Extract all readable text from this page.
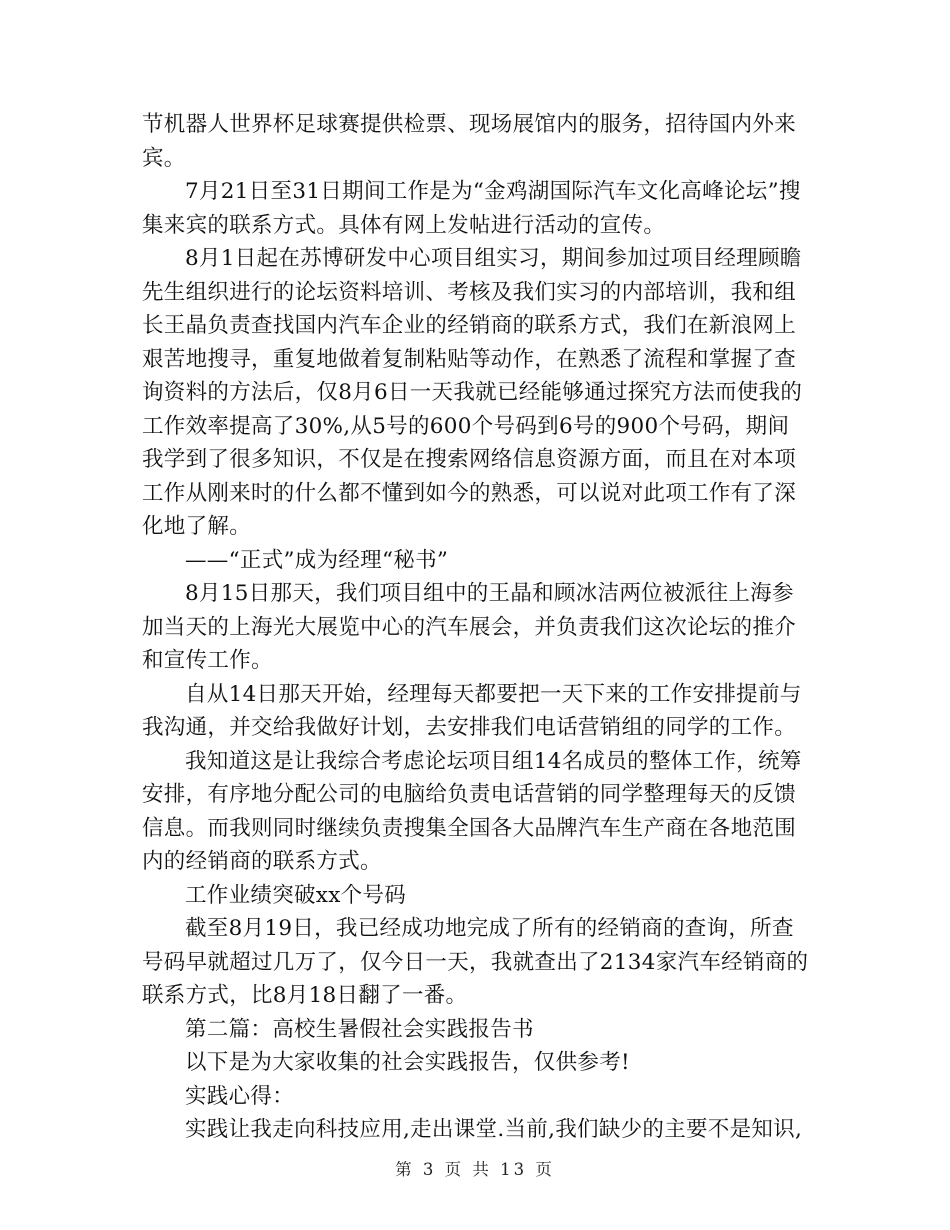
节机器人世界杯足球赛提供检票、现场展馆内的服务，招待国内外来宾。

7月21日至31日期间工作是为“金鸡湖国际汽车文化高峰论坛”搜集来宾的联系方式。具体有网上发帖进行活动的宣传。

8月1日起在苏博研发中心项目组实习，期间参加过项目经理顾瞻先生组织进行的论坛资料培训、考核及我们实习的内部培训，我和组长王晶负责查找国内汽车企业的经销商的联系方式，我们在新浪网上艰苦地搜寻，重复地做着复制粘贴等动作，在熟悉了流程和掌握了查询资料的方法后，仅8月6日一天我就已经能够通过探究方法而使我的工作效率提高了30%,从5号的600个号码到6号的900个号码，期间我学到了很多知识，不仅是在搜索网络信息资源方面，而且在对本项工作从刚来时的什么都不懂到如今的熟悉，可以说对此项工作有了深化地了解。

——“正式”成为经理“秘书”

8月15日那天，我们项目组中的王晶和顾冰洁两位被派往上海参加当天的上海光大展览中心的汽车展会，并负责我们这次论坛的推介和宣传工作。

自从14日那天开始，经理每天都要把一天下来的工作安排提前与我沟通，并交给我做好计划，去安排我们电话营销组的同学的工作。

我知道这是让我综合考虑论坛项目组14名成员的整体工作，统筹安排，有序地分配公司的电脑给负责电话营销的同学整理每天的反馈信息。而我则同时继续负责搜集全国各大品牌汽车生产商在各地范围内的经销商的联系方式。

工作业绩突破xx个号码

截至8月19日，我已经成功地完成了所有的经销商的查询，所查号码早就超过几万了，仅今日一天，我就查出了2134家汽车经销商的联系方式，比8月18日翻了一番。

第二篇：高校生暑假社会实践报告书

以下是为大家收集的社会实践报告，仅供参考!

实践心得：

实践让我走向科技应用,走出课堂.当前,我们缺少的主要不是知识,

第 3 页 共 13 页
